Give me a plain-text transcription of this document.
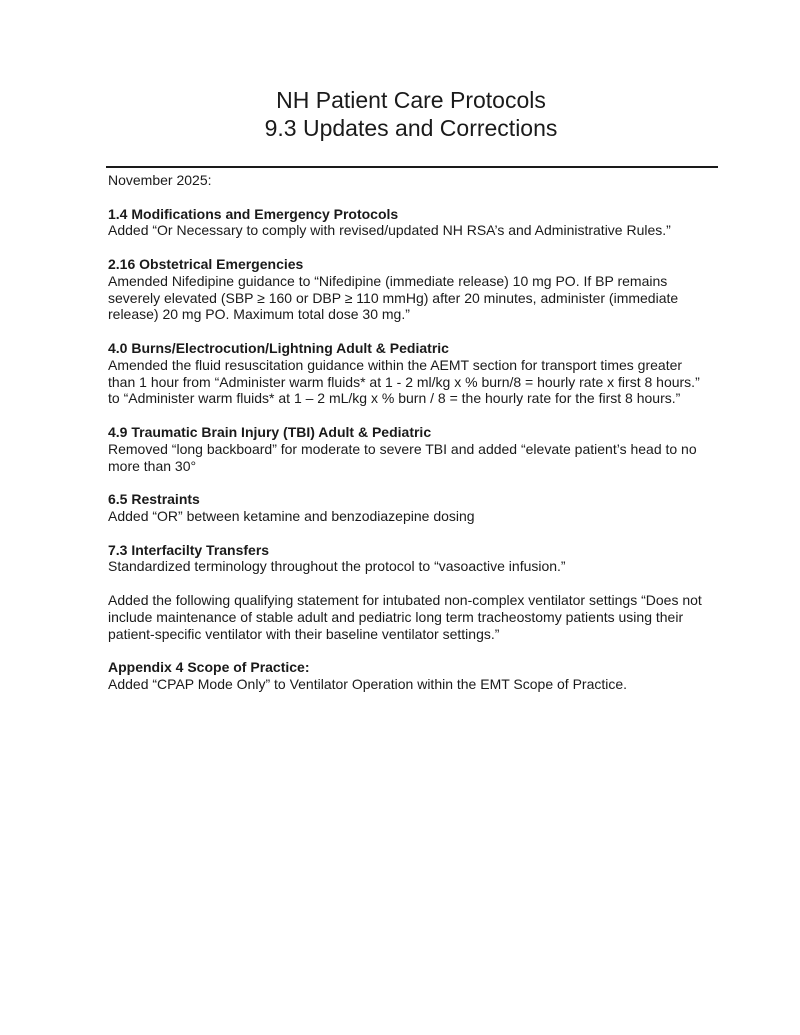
NH Patient Care Protocols
9.3 Updates and Corrections

November 2025:

1.4 Modifications and Emergency Protocols
Added “Or Necessary to comply with revised/updated NH RSA’s and Administrative Rules.”
2.16 Obstetrical Emergencies
Amended Nifedipine guidance to “Nifedipine (immediate release) 10 mg PO. If BP remains severely elevated (SBP ≥ 160 or DBP ≥ 110 mmHg) after 20 minutes, administer (immediate release) 20 mg PO. Maximum total dose 30 mg.”
4.0 Burns/Electrocution/Lightning Adult & Pediatric
Amended the fluid resuscitation guidance within the AEMT section for transport times greater than 1 hour from “Administer warm fluids* at 1 - 2 ml/kg x % burn/8 = hourly rate x first 8 hours.” to “Administer warm fluids* at 1 – 2 mL/kg x % burn / 8 = the hourly rate for the first 8 hours.”
4.9 Traumatic Brain Injury (TBI) Adult & Pediatric
Removed “long backboard” for moderate to severe TBI and added “elevate patient’s head to no more than 30°
6.5 Restraints
Added “OR” between ketamine and benzodiazepine dosing
7.3 Interfacilty Transfers
Standardized terminology throughout the protocol to “vasoactive infusion.”
Added the following qualifying statement for intubated non-complex ventilator settings “Does not include maintenance of stable adult and pediatric long term tracheostomy patients using their patient-specific ventilator with their baseline ventilator settings.”
Appendix 4 Scope of Practice:
Added “CPAP Mode Only” to Ventilator Operation within the EMT Scope of Practice.
